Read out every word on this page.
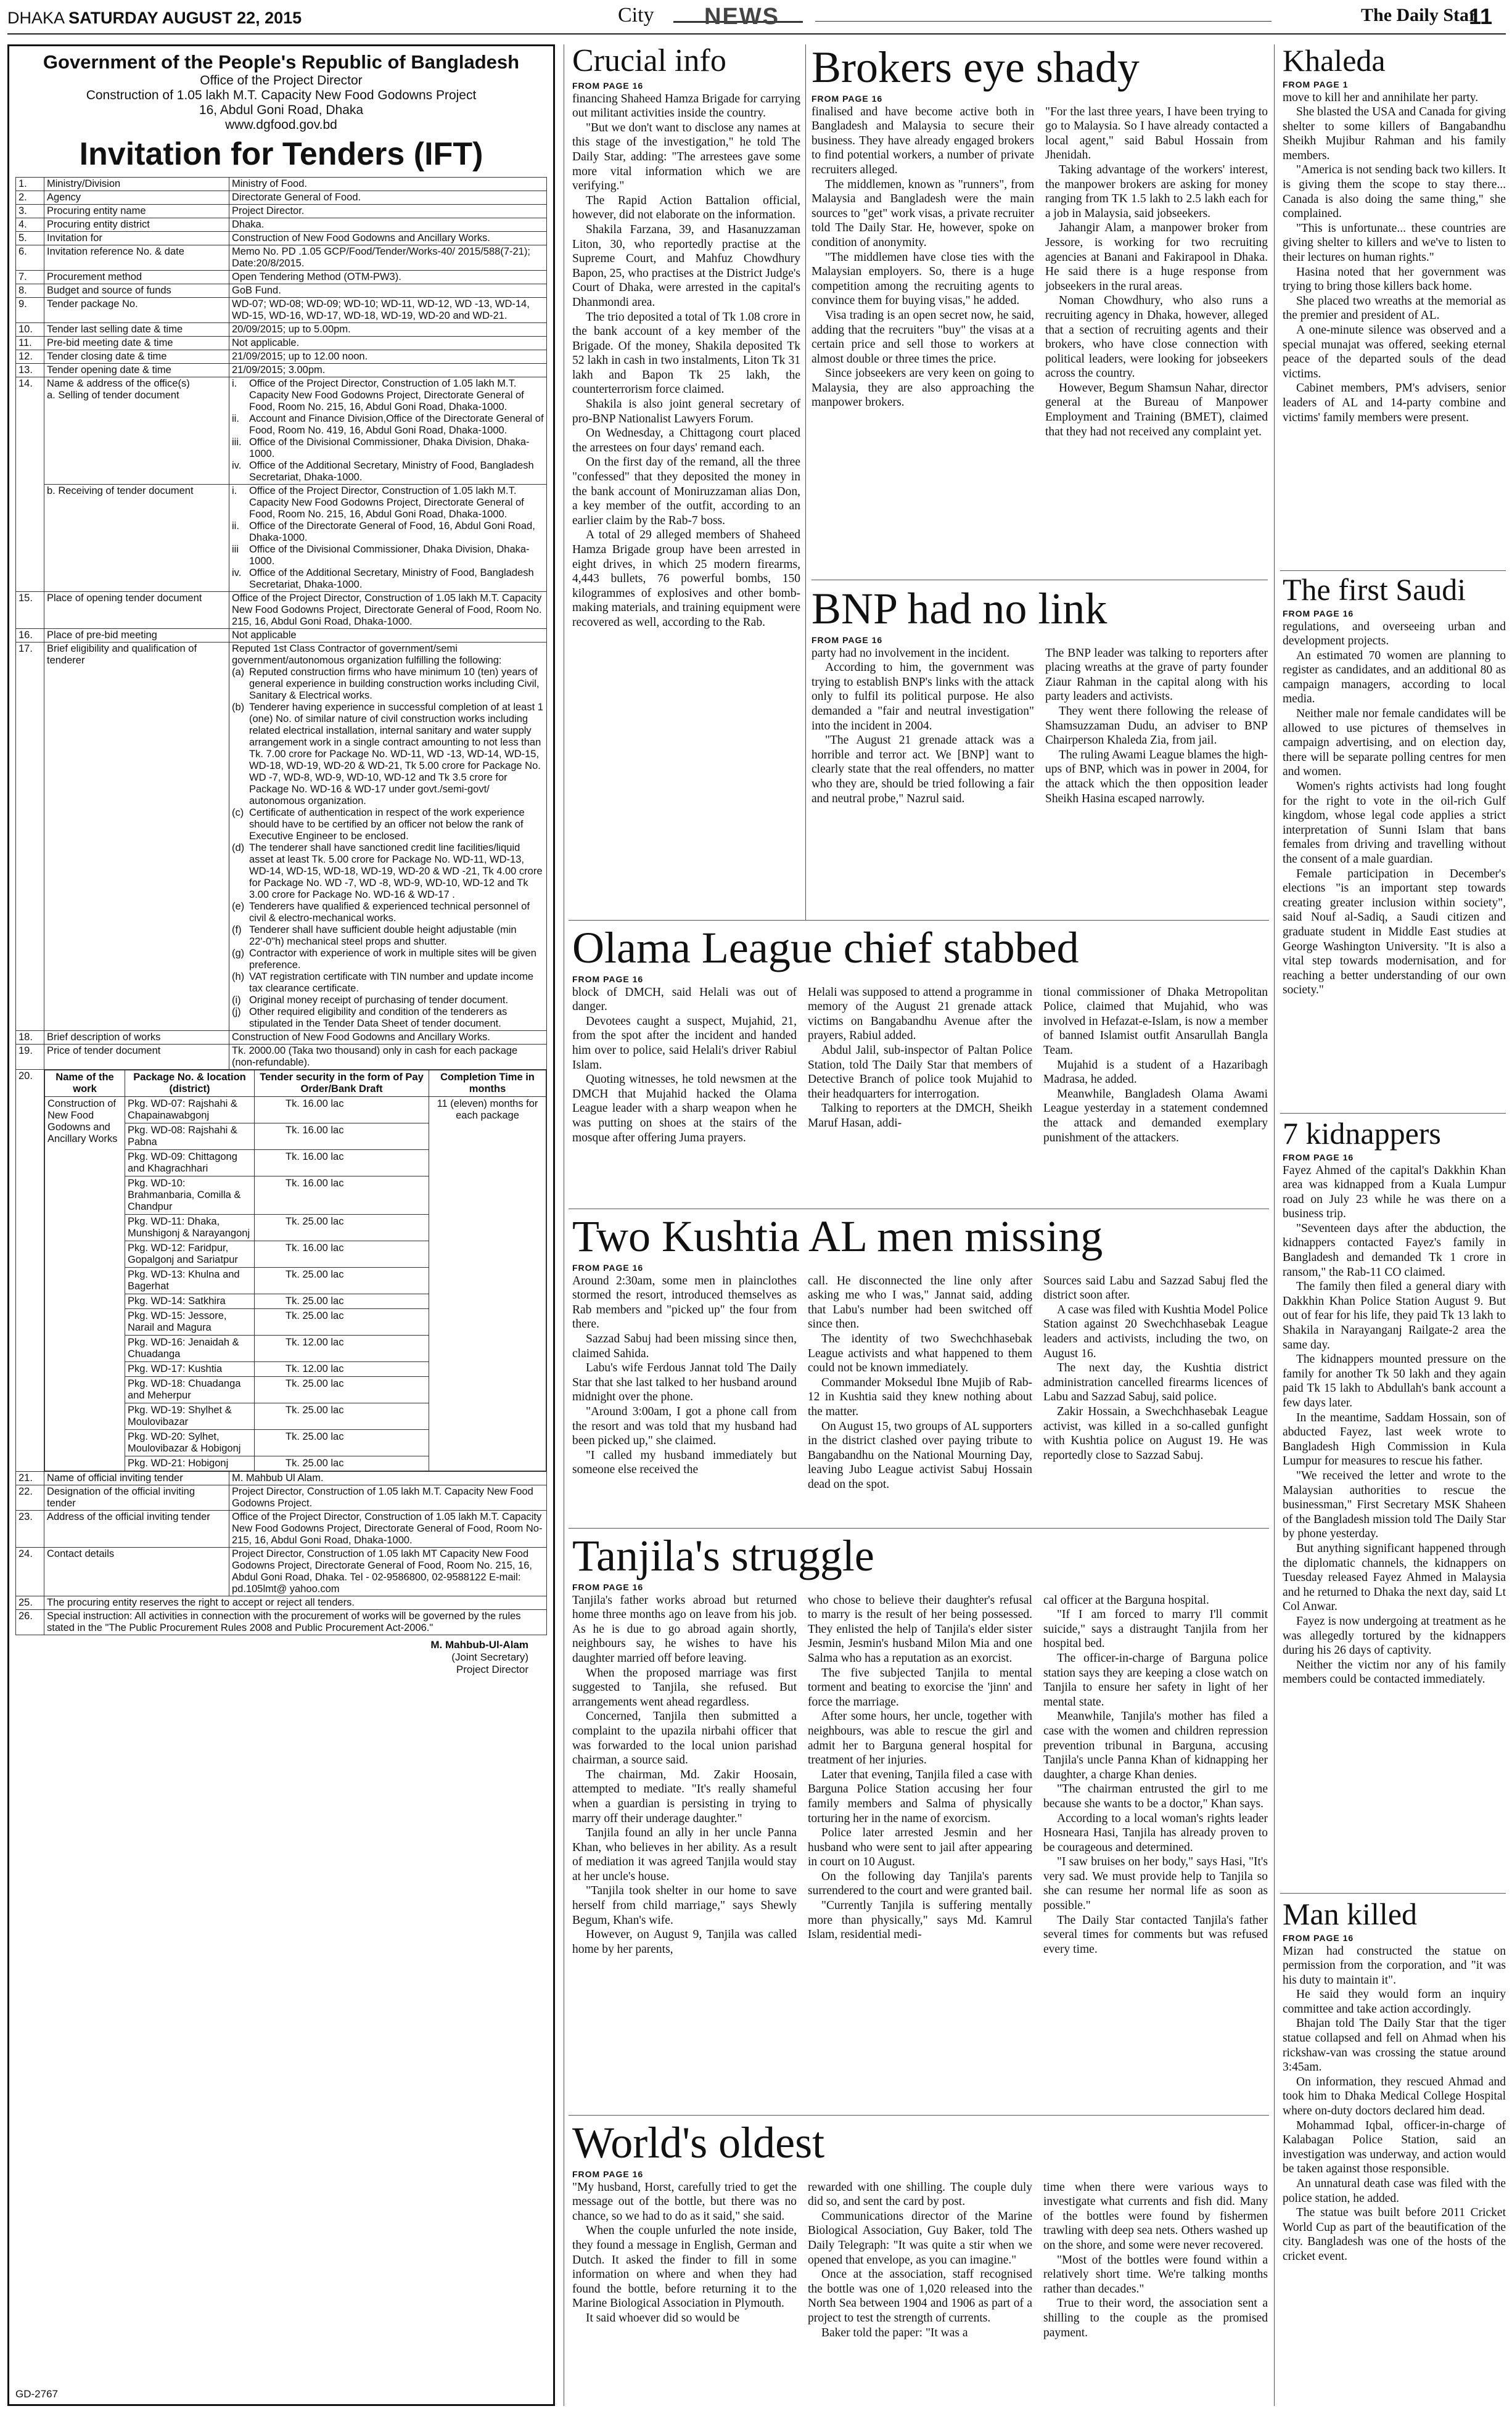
DHAKA SATURDAY AUGUST 22, 2015	City NEWS	The Daily Star
11
Government of the People's Republic of Bangladesh
Office of the Project Director
Construction of 1.05 lakh M.T. Capacity New Food Godowns Project
16, Abdul Goni Road, Dhaka
www.dgfood.gov.bd
Invitation for Tenders (IFT)
1.	Ministry/Division	Ministry of Food.
2.	Agency	Directorate General of Food.
3.	Procuring entity name	Project Director.
4.	Procuring entity district	Dhaka.
5.	Invitation for	Construction of New Food Godowns and Ancillary Works.
6.	Invitation reference No. & date	Memo No. PD .1.05 GCP/Food/Tender/Works-40/ 2015/588(7-21); Date:20/8/2015.
7.	Procurement method	Open Tendering Method (OTM-PW3).
8.	Budget and source of funds	GoB Fund.
9.	Tender package No.	WD-07; WD-08; WD-09; WD-10; WD-11, WD-12, WD -13, WD-14, WD-15, WD-16, WD-17, WD-18, WD-19, WD-20 and WD-21.
10.	Tender last selling date & time	20/09/2015; up to 5.00pm.
11.	Pre-bid meeting date & time	Not applicable.
12.	Tender closing date & time	21/09/2015; up to 12.00 noon.
13.	Tender opening date & time	21/09/2015; 3.00pm.
14.	Name & address of the office(s)
a. Selling of tender document

i. Office of the Project Director, Construction of 1.05 lakh M.T. Capacity New Food Godowns Project, Directorate General of Food, Room No. 215, 16, Abdul Goni Road, Dhaka-1000.
ii. Account and Finance Division,Office of the Directorate General of Food, Room No. 419, 16, Abdul Goni Road, Dhaka-1000.
iii. Office of the Divisional Commissioner, Dhaka Division, Dhaka-1000.
iv. Office of the Additional Secretary, Ministry of Food, Bangladesh Secretariat, Dhaka-1000.

b. Receiving of tender document	i. Office of the Project Director, Construction of 1.05 lakh M.T. Capacity New Food Godowns Project, Directorate General of Food, Room No. 215, 16, Abdul Goni Road, Dhaka-1000.
ii. Office of the Directorate General of Food, 16, Abdul Goni Road, Dhaka-1000.
iii Office of the Divisional Commissioner, Dhaka Division, Dhaka-1000.
iv. Office of the Additional Secretary, Ministry of Food, Bangladesh Secretariat, Dhaka-1000.

15.	Place of opening tender document	Office of the Project Director, Construction of 1.05 lakh M.T. Capacity New Food Godowns Project, Directorate General of Food, Room No. 215, 16, Abdul Goni Road, Dhaka-1000.
16.	Place of pre-bid meeting	Not applicable
17.	Brief eligibility and qualification of tenderer	
Reputed 1st Class Contractor of government/semi government/autonomous organization fulfilling the following:
(a) Reputed construction firms who have minimum 10 (ten) years of general experience in building construction works including Civil, Sanitary & Electrical works.
(b) Tenderer having experience in successful completion of at least 1 (one) No. of similar nature of civil construction works including related electrical installation, internal sanitary and water supply arrangement work in a single contract amounting to not less than Tk. 7.00 crore for Package No. WD-11, WD -13, WD-14, WD-15, WD-18, WD-19, WD-20 & WD-21, Tk 5.00 crore for Package No. WD -7, WD-8, WD-9, WD-10, WD-12 and Tk 3.5 crore for Package No. WD-16 & WD-17 under govt./semi-govt/ autonomous organization.
(c) Certificate of authentication in respect of the work experience should have to be certified by an officer not below the rank of Executive Engineer to be enclosed.
(d) The tenderer shall have sanctioned credit line facilities/liquid asset at least Tk. 5.00 crore for Package No. WD-11, WD-13, WD-14, WD-15, WD-18, WD-19, WD-20 & WD -21, Tk 4.00 crore for Package No. WD -7, WD -8, WD-9, WD-10, WD-12 and Tk 3.00 crore for Package No. WD-16 & WD-17 .
(e) Tenderers have qualified & experienced technical personnel of civil & electro-mechanical works.
(f) Tenderer shall have sufficient double height adjustable (min 22'-0"h) mechanical steel props and shutter.
(g) Contractor with experience of work in multiple sites will be given preference.
(h) VAT registration certificate with TIN number and update income tax clearance certificate.
(i) Original money receipt of purchasing of tender document.
(j) Other required eligibility and condition of the tenderers as stipulated in the Tender Data Sheet of tender document.

18.	Brief description of works	Construction of New Food Godowns and Ancillary Works.
19.	Price of tender document	Tk. 2000.00 (Taka two thousand) only in cash for each package (non-refundable).
20.	Name of the work	Package No. & location (district)	Tender security in the form of Pay Order/Bank Draft	Completion Time in months
Construction of New Food Godowns and Ancillary Works	Pkg. WD-07: Rajshahi & Chapainawabgonj	Tk. 16.00 lac	11 (eleven) months for each package
Pkg. WD-08: Rajshahi & Pabna	Tk. 16.00 lac
Pkg. WD-09: Chittagong and Khagrachhari	Tk. 16.00 lac
Pkg. WD-10: Brahmanbaria, Comilla & Chandpur	Tk. 16.00 lac
Pkg. WD-11: Dhaka, Munshigonj & Narayangonj	Tk. 25.00 lac
Pkg. WD-12: Faridpur, Gopalgonj and Sariatpur	Tk. 16.00 lac
Pkg. WD-13: Khulna and Bagerhat	Tk. 25.00 lac
Pkg. WD-14: Satkhira	Tk. 25.00 lac
Pkg. WD-15: Jessore, Narail and Magura	Tk. 25.00 lac
Pkg. WD-16: Jenaidah & Chuadanga	Tk. 12.00 lac
Pkg. WD-17: Kushtia	Tk. 12.00 lac
Pkg. WD-18: Chuadanga and Meherpur	Tk. 25.00 lac
Pkg. WD-19: Shylhet & Moulovibazar	Tk. 25.00 lac
Pkg. WD-20: Sylhet, Moulovibazar & Hobigonj	Tk. 25.00 lac
Pkg. WD-21: Hobigonj	Tk. 25.00 lac

21.	Name of official inviting tender	M. Mahbub Ul Alam.
22.	Designation of the official inviting tender	Project Director, Construction of 1.05 lakh M.T. Capacity New Food Godowns Project.
23.	Address of the official inviting tender	Office of the Project Director, Construction of 1.05 lakh M.T. Capacity New Food Godowns Project, Directorate General of Food, Room No-215, 16, Abdul Goni Road, Dhaka-1000.
24.	Contact details	Project Director, Construction of 1.05 lakh MT Capacity New Food Godowns Project, Directorate General of Food, Room No. 215, 16, Abdul Goni Road, Dhaka. Tel - 02-9586800, 02-9588122 E-mail: pd.105lmt@ yahoo.com
25.	The procuring entity reserves the right to accept or reject all tenders.
26.	Special instruction: All activities in connection with the procurement of works will be governed by the rules stated in the "The Public Procurement Rules 2008 and Public Procurement Act-2006."
M. Mahbub-Ul-Alam
(Joint Secretary)
Project Director
GD-2767
Crucial info
FROM PAGE 16

financing Shaheed Hamza Brigade for carrying out militant activities inside the country.

"But we don't want to disclose any names at this stage of the investigation," he told The Daily Star, adding: "The arrestees gave some more vital information which we are verifying."

The Rapid Action Battalion official, however, did not elaborate on the information.

Shakila Farzana, 39, and Hasanuzzaman Liton, 30, who reportedly practise at the Supreme Court, and Mahfuz Chowdhury Bapon, 25, who practises at the District Judge's Court of Dhaka, were arrested in the capital's Dhanmondi area.

The trio deposited a total of Tk 1.08 crore in the bank account of a key member of the Brigade. Of the money, Shakila deposited Tk 52 lakh in cash in two instalments, Liton Tk 31 lakh and Bapon Tk 25 lakh, the counterterrorism force claimed.

Shakila is also joint general secretary of pro-BNP Nationalist Lawyers Forum.

On Wednesday, a Chittagong court placed the arrestees on four days' remand each.

On the first day of the remand, all the three "confessed" that they deposited the money in the bank account of Moniruzzaman alias Don, a key member of the outfit, according to an earlier claim by the Rab-7 boss.

A total of 29 alleged members of Shaheed Hamza Brigade group have been arrested in eight drives, in which 25 modern firearms, 4,443 bullets, 76 powerful bombs, 150 kilogrammes of explosives and other bomb-making materials, and training equipment were recovered as well, according to the Rab.

Brokers eye shady
FROM PAGE 16

finalised and have become active both in Bangladesh and Malaysia to secure their business. They have already engaged brokers to find potential workers, a number of private recruiters alleged.

The middlemen, known as "runners", from Malaysia and Bangladesh were the main sources to "get" work visas, a private recruiter told The Daily Star. He, however, spoke on condition of anonymity.

"The middlemen have close ties with the Malaysian employers. So, there is a huge competition among the recruiting agents to convince them for buying visas," he added.

Visa trading is an open secret now, he said, adding that the recruiters "buy" the visas at a certain price and sell those to workers at almost double or three times the price.

Since jobseekers are very keen on going to Malaysia, they are also approaching the manpower brokers.

"For the last three years, I have been trying to go to Malaysia. So I have already contacted a local agent," said Babul Hossain from Jhenidah.

Taking advantage of the workers' interest, the manpower brokers are asking for money ranging from TK 1.5 lakh to 2.5 lakh each for a job in Malaysia, said jobseekers.

Jahangir Alam, a manpower broker from Jessore, is working for two recruiting agencies at Banani and Fakirapool in Dhaka. He said there is a huge response from jobseekers in the rural areas.

Noman Chowdhury, who also runs a recruiting agency in Dhaka, however, alleged that a section of recruiting agents and their brokers, who have close connection with political leaders, were looking for jobseekers across the country.

However, Begum Shamsun Nahar, director general at the Bureau of Manpower Employment and Training (BMET), claimed that they had not received any complaint yet.

BNP had no link
FROM PAGE 16

party had no involvement in the incident.

According to him, the government was trying to establish BNP's links with the attack only to fulfil its political purpose. He also demanded a "fair and neutral investigation" into the incident in 2004.

"The August 21 grenade attack was a horrible and terror act. We [BNP] want to clearly state that the real offenders, no matter who they are, should be tried following a fair and neutral probe," Nazrul said.

The BNP leader was talking to reporters after placing wreaths at the grave of party founder Ziaur Rahman in the capital along with his party leaders and activists.

They went there following the release of Shamsuzzaman Dudu, an adviser to BNP Chairperson Khaleda Zia, from jail.

The ruling Awami League blames the high-ups of BNP, which was in power in 2004, for the attack which the then opposition leader Sheikh Hasina escaped narrowly.

Olama League chief stabbed
FROM PAGE 16

block of DMCH, said Helali was out of danger.

Devotees caught a suspect, Mujahid, 21, from the spot after the incident and handed him over to police, said Helali's driver Rabiul Islam.

Quoting witnesses, he told newsmen at the DMCH that Mujahid hacked the Olama League leader with a sharp weapon when he was putting on shoes at the stairs of the mosque after offering Juma prayers.

Helali was supposed to attend a programme in memory of the August 21 grenade attack victims on Bangabandhu Avenue after the prayers, Rabiul added.

Abdul Jalil, sub-inspector of Paltan Police Station, told The Daily Star that members of Detective Branch of police took Mujahid to their headquarters for interrogation.

Talking to reporters at the DMCH, Sheikh Maruf Hasan, addi-

tional commissioner of Dhaka Metropolitan Police, claimed that Mujahid, who was involved in Hefazat-e-Islam, is now a member of banned Islamist outfit Ansarullah Bangla Team.

Mujahid is a student of a Hazaribagh Madrasa, he added.

Meanwhile, Bangladesh Olama Awami League yesterday in a statement condemned the attack and demanded exemplary punishment of the attackers.

Two Kushtia AL men missing
FROM PAGE 16

Around 2:30am, some men in plainclothes stormed the resort, introduced themselves as Rab members and "picked up" the four from there.

Sazzad Sabuj had been missing since then, claimed Sahida.

Labu's wife Ferdous Jannat told The Daily Star that she last talked to her husband around midnight over the phone.

"Around 3:00am, I got a phone call from the resort and was told that my husband had been picked up," she claimed.

"I called my husband immediately but someone else received the

call. He disconnected the line only after asking me who I was," Jannat said, adding that Labu's number had been switched off since then.

The identity of two Swechchhasebak League activists and what happened to them could not be known immediately.

Commander Moksedul Ibne Mujib of Rab-12 in Kushtia said they knew nothing about the matter.

On August 15, two groups of AL supporters in the district clashed over paying tribute to Bangabandhu on the National Mourning Day, leaving Jubo League activist Sabuj Hossain dead on the spot.

Sources said Labu and Sazzad Sabuj fled the district soon after.

A case was filed with Kushtia Model Police Station against 20 Swechchhasebak League leaders and activists, including the two, on August 16.

The next day, the Kushtia district administration cancelled firearms licences of Labu and Sazzad Sabuj, said police.

Zakir Hossain, a Swechchhasebak League activist, was killed in a so-called gunfight with Kushtia police on August 19. He was reportedly close to Sazzad Sabuj.

Tanjila's struggle
FROM PAGE 16

Tanjila's father works abroad but returned home three months ago on leave from his job. As he is due to go abroad again shortly, neighbours say, he wishes to have his daughter married off before leaving.

When the proposed marriage was first suggested to Tanjila, she refused. But arrangements went ahead regardless.

Concerned, Tanjila then submitted a complaint to the upazila nirbahi officer that was forwarded to the local union parishad chairman, a source said.

The chairman, Md. Zakir Hoosain, attempted to mediate. "It's really shameful when a guardian is persisting in trying to marry off their underage daughter."

Tanjila found an ally in her uncle Panna Khan, who believes in her ability. As a result of mediation it was agreed Tanjila would stay at her uncle's house.

"Tanjila took shelter in our home to save herself from child marriage," says Shewly Begum, Khan's wife.

However, on August 9, Tanjila was called home by her parents,

who chose to believe their daughter's refusal to marry is the result of her being possessed. They enlisted the help of Tanjila's elder sister Jesmin, Jesmin's husband Milon Mia and one Salma who has a reputation as an exorcist.

The five subjected Tanjila to mental torment and beating to exorcise the 'jinn' and force the marriage.

After some hours, her uncle, together with neighbours, was able to rescue the girl and admit her to Barguna general hospital for treatment of her injuries.

Later that evening, Tanjila filed a case with Barguna Police Station accusing her four family members and Salma of physically torturing her in the name of exorcism.

Police later arrested Jesmin and her husband who were sent to jail after appearing in court on 10 August.

On the following day Tanjila's parents surrendered to the court and were granted bail.

"Currently Tanjila is suffering mentally more than physically," says Md. Kamrul Islam, residential medi-

cal officer at the Barguna hospital.

"If I am forced to marry I'll commit suicide," says a distraught Tanjila from her hospital bed.

The officer-in-charge of Barguna police station says they are keeping a close watch on Tanjila to ensure her safety in light of her mental state.

Meanwhile, Tanjila's mother has filed a case with the women and children repression prevention tribunal in Barguna, accusing Tanjila's uncle Panna Khan of kidnapping her daughter, a charge Khan denies.

"The chairman entrusted the girl to me because she wants to be a doctor," Khan says.

According to a local woman's rights leader Hosneara Hasi, Tanjila has already proven to be courageous and determined.

"I saw bruises on her body," says Hasi, "It's very sad. We must provide help to Tanjila so she can resume her normal life as soon as possible."

The Daily Star contacted Tanjila's father several times for comments but was refused every time.

World's oldest
FROM PAGE 16

"My husband, Horst, carefully tried to get the message out of the bottle, but there was no chance, so we had to do as it said," she said.

When the couple unfurled the note inside, they found a message in English, German and Dutch. It asked the finder to fill in some information on where and when they had found the bottle, before returning it to the Marine Biological Association in Plymouth.

It said whoever did so would be

rewarded with one shilling. The couple duly did so, and sent the card by post.

Communications director of the Marine Biological Association, Guy Baker, told The Daily Telegraph: "It was quite a stir when we opened that envelope, as you can imagine."

Once at the association, staff recognised the bottle was one of 1,020 released into the North Sea between 1904 and 1906 as part of a project to test the strength of currents.

Baker told the paper: "It was a

time when there were various ways to investigate what currents and fish did. Many of the bottles were found by fishermen trawling with deep sea nets. Others washed up on the shore, and some were never recovered.

"Most of the bottles were found within a relatively short time. We're talking months rather than decades."

True to their word, the association sent a shilling to the couple as the promised payment.

Khaleda
FROM PAGE 1

move to kill her and annihilate her party.

She blasted the USA and Canada for giving shelter to some killers of Bangabandhu Sheikh Mujibur Rahman and his family members.

"America is not sending back two killers. It is giving them the scope to stay there... Canada is also doing the same thing," she complained.

"This is unfortunate... these countries are giving shelter to killers and we've to listen to their lectures on human rights."

Hasina noted that her government was trying to bring those killers back home.

She placed two wreaths at the memorial as the premier and president of AL.

A one-minute silence was observed and a special munajat was offered, seeking eternal peace of the departed souls of the dead victims.

Cabinet members, PM's advisers, senior leaders of AL and 14-party combine and victims' family members were present.

The first Saudi
FROM PAGE 16

regulations, and overseeing urban and development projects.

An estimated 70 women are planning to register as candidates, and an additional 80 as campaign managers, according to local media.

Neither male nor female candidates will be allowed to use pictures of themselves in campaign advertising, and on election day, there will be separate polling centres for men and women.

Women's rights activists had long fought for the right to vote in the oil-rich Gulf kingdom, whose legal code applies a strict interpretation of Sunni Islam that bans females from driving and travelling without the consent of a male guardian.

Female participation in December's elections "is an important step towards creating greater inclusion within society", said Nouf al-Sadiq, a Saudi citizen and graduate student in Middle East studies at George Washington University. "It is also a vital step towards modernisation, and for reaching a better understanding of our own society."

7 kidnappers
FROM PAGE 16

Fayez Ahmed of the capital's Dakkhin Khan area was kidnapped from a Kuala Lumpur road on July 23 while he was there on a business trip.

"Seventeen days after the abduction, the kidnappers contacted Fayez's family in Bangladesh and demanded Tk 1 crore in ransom," the Rab-11 CO claimed.

The family then filed a general diary with Dakkhin Khan Police Station August 9. But out of fear for his life, they paid Tk 13 lakh to Shakila in Narayanganj Railgate-2 area the same day.

The kidnappers mounted pressure on the family for another Tk 50 lakh and they again paid Tk 15 lakh to Abdullah's bank account a few days later.

In the meantime, Saddam Hossain, son of abducted Fayez, last week wrote to Bangladesh High Commission in Kula Lumpur for measures to rescue his father.

"We received the letter and wrote to the Malaysian authorities to rescue the businessman," First Secretary MSK Shaheen of the Bangladesh mission told The Daily Star by phone yesterday.

But anything significant happened through the diplomatic channels, the kidnappers on Tuesday released Fayez Ahmed in Malaysia and he returned to Dhaka the next day, said Lt Col Anwar.

Fayez is now undergoing at treatment as he was allegedly tortured by the kidnappers during his 26 days of captivity.

Neither the victim nor any of his family members could be contacted immediately.

Man killed
FROM PAGE 16

Mizan had constructed the statue on permission from the corporation, and "it was his duty to maintain it".

He said they would form an inquiry committee and take action accordingly.

Bhajan told The Daily Star that the tiger statue collapsed and fell on Ahmad when his rickshaw-van was crossing the statue around 3:45am.

On information, they rescued Ahmad and took him to Dhaka Medical College Hospital where on-duty doctors declared him dead.

Mohammad Iqbal, officer-in-charge of Kalabagan Police Station, said an investigation was underway, and action would be taken against those responsible.

An unnatural death case was filed with the police station, he added.

The statue was built before 2011 Cricket World Cup as part of the beautification of the city. Bangladesh was one of the hosts of the cricket event.
